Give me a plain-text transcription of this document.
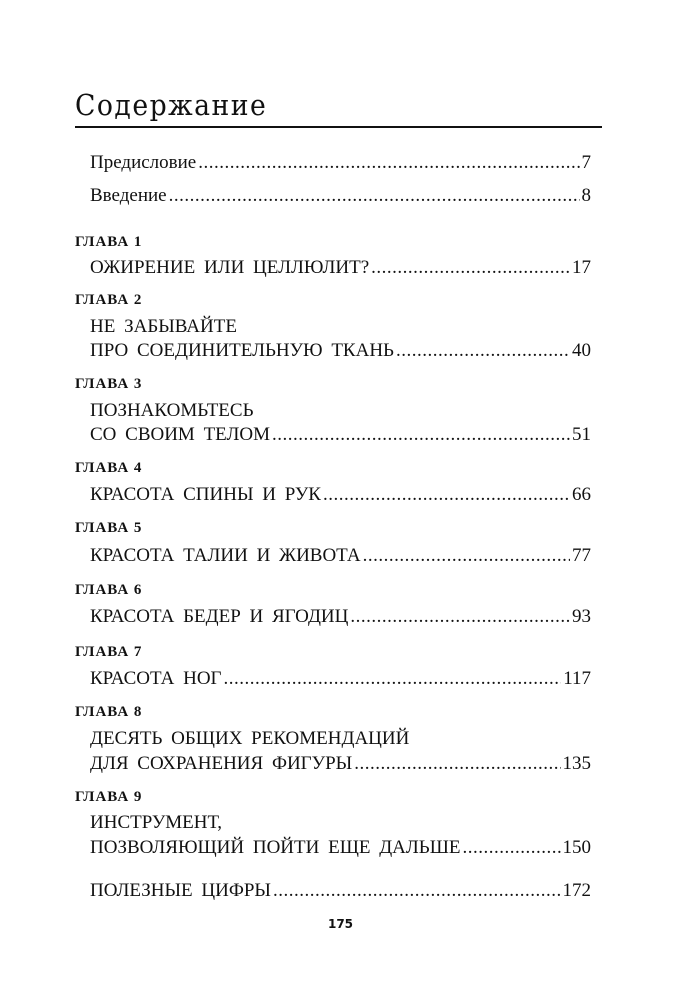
Содержание
Предисловие .....	7
Введение .....	8
ГЛАВА 1
ОЖИРЕНИЕ ИЛИ ЦЕЛЛЮЛИТ? .....	17
ГЛАВА 2
НЕ ЗАБЫВАЙТЕ
ПРО СОЕДИНИТЕЛЬНУЮ ТКАНЬ .....	40
ГЛАВА 3
ПОЗНАКОМЬТЕСЬ
СО СВОИМ ТЕЛОМ .....	51
ГЛАВА 4
КРАСОТА СПИНЫ И РУК .....	66
ГЛАВА 5
КРАСОТА ТАЛИИ И ЖИВОТА .....	77
ГЛАВА 6
КРАСОТА БЕДЕР И ЯГОДИЦ .....	93
ГЛАВА 7
КРАСОТА НОГ .....	117
ГЛАВА 8
ДЕСЯТЬ ОБЩИХ РЕКОМЕНДАЦИЙ
ДЛЯ СОХРАНЕНИЯ ФИГУРЫ .....	135
ГЛАВА 9
ИНСТРУМЕНТ,
ПОЗВОЛЯЮЩИЙ ПОЙТИ ЕЩЕ ДАЛЬШЕ .....	150
ПОЛЕЗНЫЕ ЦИФРЫ .....	172
175
